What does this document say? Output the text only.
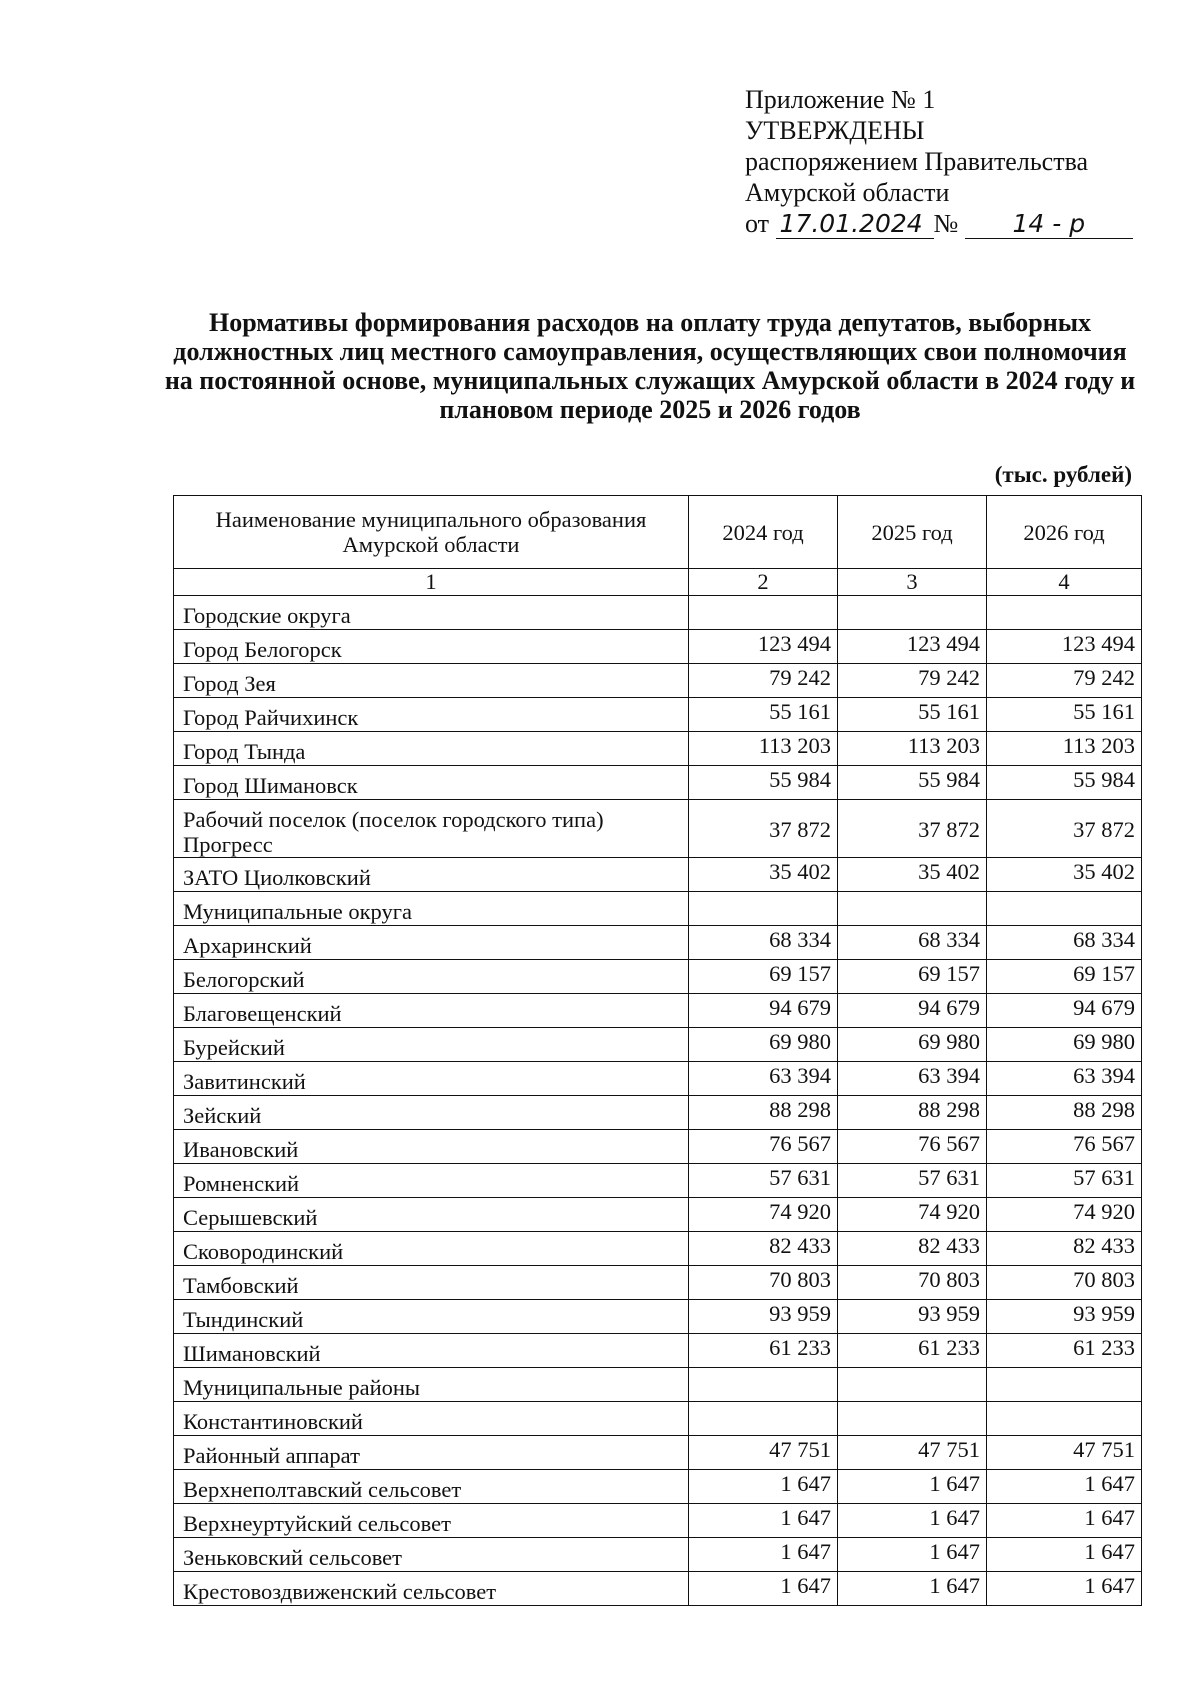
Приложение № 1
УТВЕРЖДЕНЫ
распоряжением Правительства
Амурской области
от 17.01.2024 № 14 - р
Нормативы формирования расходов на оплату труда депутатов, выборных должностных лиц местного самоуправления, осуществляющих свои полномочия на постоянной основе, муниципальных служащих Амурской области в 2024 году и плановом периоде 2025 и 2026 годов
(тыс. рублей)
Наименование муниципального образования Амурской области	2024 год	2025 год	2026 год
1	2	3	4
Городские округа			
Город Белогорск	123 494	123 494	123 494
Город Зея	79 242	79 242	79 242
Город Райчихинск	55 161	55 161	55 161
Город Тында	113 203	113 203	113 203
Город Шимановск	55 984	55 984	55 984
Рабочий поселок (поселок городского типа) Прогресс	37 872	37 872	37 872
ЗАТО Циолковский	35 402	35 402	35 402
Муниципальные округа			
Архаринский	68 334	68 334	68 334
Белогорский	69 157	69 157	69 157
Благовещенский	94 679	94 679	94 679
Бурейский	69 980	69 980	69 980
Завитинский	63 394	63 394	63 394
Зейский	88 298	88 298	88 298
Ивановский	76 567	76 567	76 567
Ромненский	57 631	57 631	57 631
Серышевский	74 920	74 920	74 920
Сковородинский	82 433	82 433	82 433
Тамбовский	70 803	70 803	70 803
Тындинский	93 959	93 959	93 959
Шимановский	61 233	61 233	61 233
Муниципальные районы			
Константиновский			
Районный аппарат	47 751	47 751	47 751
Верхнеполтавский сельсовет	1 647	1 647	1 647
Верхнеуртуйский сельсовет	1 647	1 647	1 647
Зеньковский сельсовет	1 647	1 647	1 647
Крестовоздвиженский сельсовет	1 647	1 647	1 647
